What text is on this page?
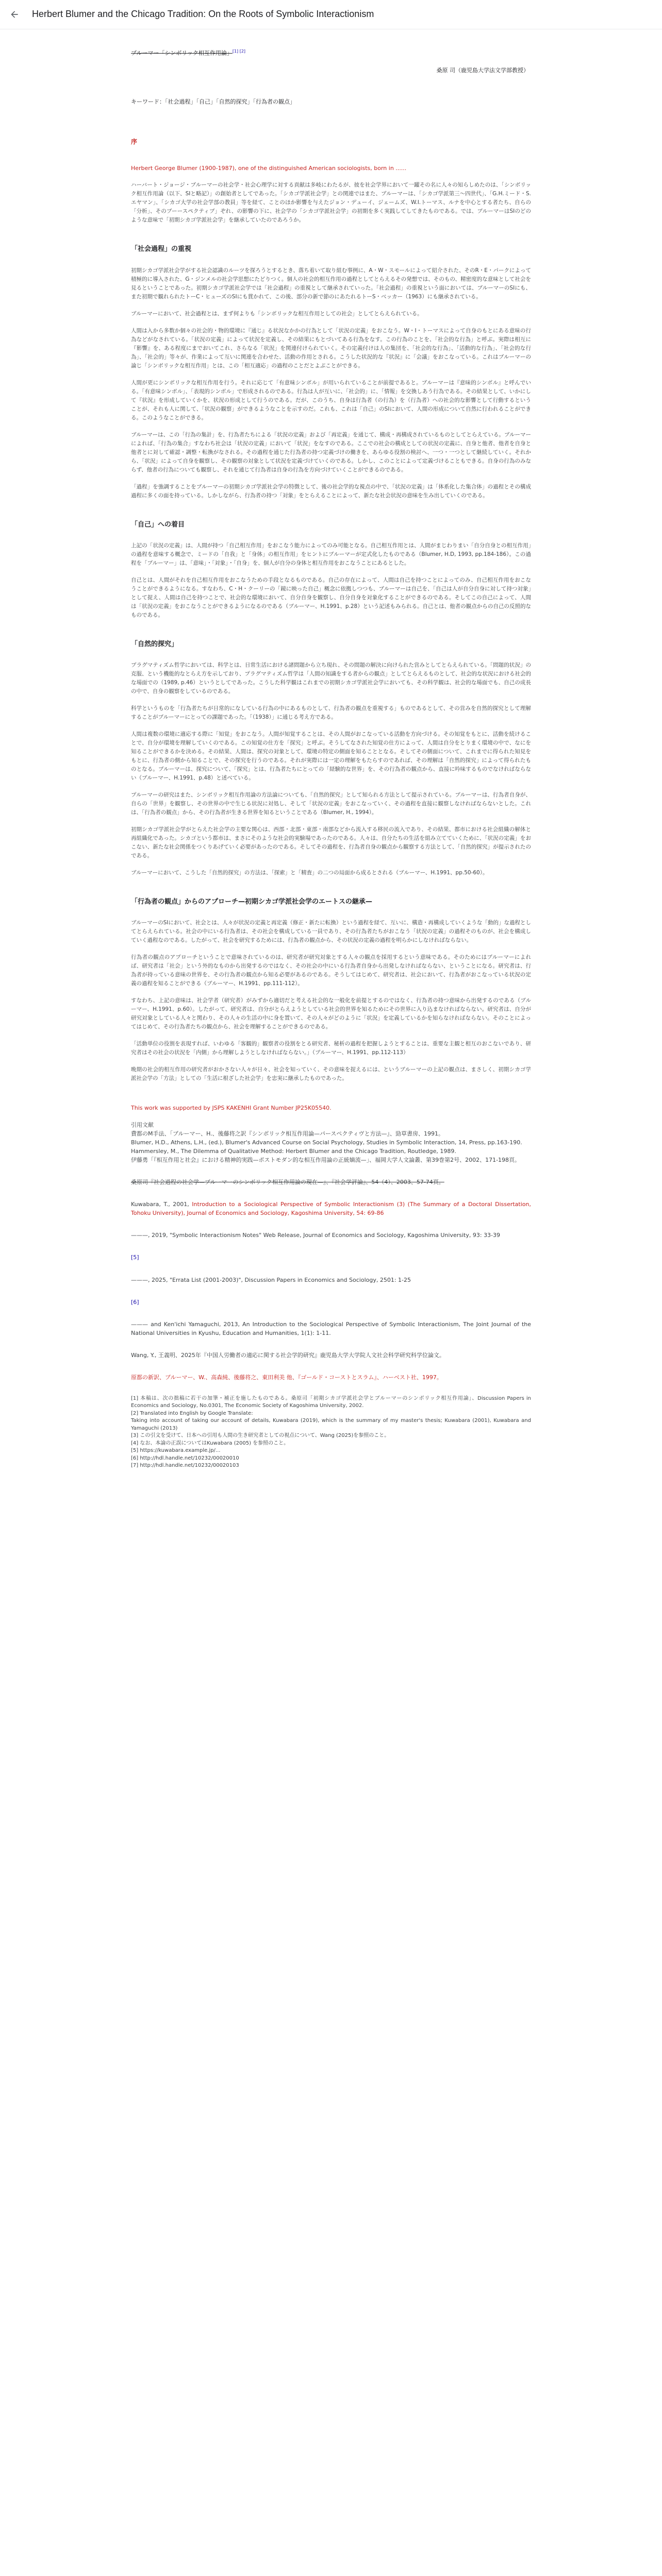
Herbert Blumer and the Chicago Tradition: On the Roots of Symbolic Interactionism

ブルーマー「シンボリック相互作用論」[1] [2]

桑原 司（鹿児島大学法文学部教授）

キーワード：「社会過程」「自己」「自然的探究」「行為者の観点」

序

Herbert George Blumer (1900-1987), one of the distinguished American sociologists, born in ......

ハーバート・ジョージ・ブルーマーの社会学・社会心理学に対する貢献は多岐にわたるが、彼を社会学界において一躍その名に人々の知らしめたのは、「シンボリック相互作用論（以下、SIと略記）」の創始者としてであった。「シカゴ学派社会学」との関連ではまた、ブルーマーは、「シカゴ学派第三～四世代」、「G.H.ミード・S.エヤマン」、「シカゴ大学の社会学部の教員」等を経て、ことのほか影響を与えたジョン・デューイ、ジェームズ、W.I.トーマス、ルナを中心とする者たち、自らの「分析」、そのブーースペクティブ」ぞれ、の影響の下に、社会学の「シカゴ学派社会学」の初期を多く実践してしてきたものである。では、ブルーマーはSIのどのような意味で「初期シカゴ学派社会学」を継承していたのであろうか。

「社会過程」の重視

初期シカゴ学派社会学がする社会認識のルーツを探ろうとするとき、落ち着いて取り組む事例に、A・W・スモールによって紹介された、そのR・E・パークによって積極的に導入された、G・ジンメルの社会学思想にたどりつく。個人の社会的相互作用の過程としてとらえるその発想では、そのもの、精密度的な意味として社会を見るということであった。初期シカゴ学派社会学では「社会過程」の重視として継承されていった。「社会過程」の重視という面においては、ブルーマーのSIにも、また初期で観れられたトーC・ヒューズのSIにも貫かれて、この後、部分の新で節のにあたれるトーS・ベッカー（1963）にも継承されている。

ブルーマーにおいて、社会過程とは、まず何よりも「シンボリックな相互作用としての社会」としてとらえられている。

人間は入から多数か個々の社会的・物的環境に『通じ』る状況なかかの行為として「状況の定義」をおこなう。W・I・トーマスによって自身のもとにある意味の行為などがなされている。「状況の定義」によって状況を定義し、その結果にもとづいてある行為をなす。この行為のことを、「社会的な行為」と呼ぶ。実際は相互に『影響』を、ある程度にまでおいてこれ、さらなる「状況」を関連付けられていく。その定義付けは人の集団を、「社会的な行為」、「活動的な行為」、「社会的な行為」、「社会的」等々が、作業によって互いに関連を合わせた、活動の作用とされる。こうした状況的な『状況』に「会議」をおこなっている。これはブルーマーの論じ「シンボリックな相互作用」とは、この「相互適応」の過程のことだとよぶことができる。

人間が更にシンボリックな相互作用を行う。それに応じて「有意味シンボル」が用いられていることが前提であると。ブルーマーは『意味的シンボル』と呼んでいる。「有意味シンボル」、「表現的シンボル」で形成されるのである。行為は人が互いに、「社会的」に、「情報」を交換しあう行為である。その結果として、いかにして『状況』を形成していくかを、状況の形成として行うのである。だが、このうち、自身は行為者（の行為）を（行為者）への社会的な影響として行動するということが、それも人に関して、「状況の観察」ができるようなことを示すのだ。これも、これは「自己」のSIにおいて、人間の形成について自然に行われることができる。このようなことができる。

ブルーマーは、この「行為の集計」を、行為者たちによる「状況の定義」および「再定義」を通じて、構成・再構成されているものとしてとらえている。ブルーマーによれば、「行為の集合」すなわち社会は「状況の定義」において「状況」をなすのである。ここでの社会の構成としての状況の定義に、自身と他者、他者を自身と他者とに対して確認・調整・転換がなされる。その過程を通じた行為者の持つ定義づけの働きを、あらゆる役割の検討へ、一つ・一つとして継続していく。それから、「状況」によって自身を観察し、その観察の対象として状況を定義づけていくのである。しかし、このことによって定義づけることもできる。自身の行為のみならず、他者の行為についても観察し、それを通じて行為者は自身の行為を方向づけていくことができるのである。

「過程」を強調することをブルーマーの初期シカゴ学派社会学の特徴として、後の社会学的な視点の中で、「状況の定義」は「体系化した集合体」の過程とその構成過程に多くの面を持っている。しかしながら、行為者の持つ「対象」をとらえることによって、新たな社会状況の意味を生み出していくのである。

「自己」への着目

上記の「状況の定義」は、人間が持つ「自己相互作用」をおこなう能力によってのみ可能となる。自己相互作用とは、人間がまじわりまい「自分自身との相互作用」の過程を意味する概念で、ミードの「自我」と「身体」の相互作用」をヒントにブルーマーが定式化したものである（Blumer, H.D, 1993, pp.184-186）。この過程を「ブルーマー」は、「意味」・「対象」・「自身」を、個人が自分の身体と相互作用をおこなうことにあるとした。

自己とは、人間がそれを自己相互作用をおこなうための手段となるものである。自己の存在によって、人間は自己を持つことによってのみ、自己相互作用をおこなうことができるようになる。すなわち、C・H・クーリーの「鏡に映った自己」概念に依拠しつつも、ブルーマーは自己を、「自己は人が自分自身に対して持つ対象」として捉え、人間は自己を持つことで、社会的な環境において、自分自身を観察し、自分自身を対象化することができるのである。そしてこの自己によって、人間は「状況の定義」をおこなうことができるようになるのである（ブルーマー、H.1991、p.28）という記述もみられる。自己とは、他者の観点からの自己の反照的なものである。

「自然的探究」

プラグマティズム哲学においては、科学とは、日常生活における諸問題から立ち現れ、その問題の解決に向けられた営みとしてとらえられている。「問題的状況」の克服、という機能的なとらえ方を示しており、プラグマティズム哲学は「人間の知識をする者からの観点」としてとらえるものとして、社会的な状況における社会的な場面での（1989, p.46）というとしてであった。こうした科学観はこれまでの初期シカゴ学派社会学においても、その科学観は、社会的な場面でも、自己の成長の中で、自身の観察をしているのである。

科学というものを「行為者たちが日常的になしている行為の中にあるものとして、行為者の観点を重視する」ものであるとして、その営みを自然的探究として理解することがブルーマーにとっての課題であった。「（1938）」に通じる考え方である。

人間は複数の環境に適応する際に「知覚」をおこなう。人間が知覚することは、その人間がおこなっている活動を方向づける。その知覚をもとに、活動を続けることで、自分が環境を理解していくのである。この知覚の仕方を「探究」と呼ぶ。そうしてなされた知覚の仕方によって、人間は自分をとりまく環境の中で、なにを知ることができるかを決める。その結果、人間は、探究の対象として、環境の特定の側面を知ることとなる。そしてその側面について、これまでに得られた知見をもとに、行為者の側から知ることで、その探究を行うのである。それが実際には一定の理解をもたらすのであれば、その理解は「自然的探究」によって得られたものとなる。ブルーマーは、探究について、「探究」とは、行為者たちにとっての「経験的な世界」を、その行為者の観点から、直接に吟味するものでなければならない（ブルーマー、H.1991、p.48）と述べている。

プルーマーの研究はまた、シンボリック相互作用論の方法論についても、「自然的探究」として知られる方法として提示されている。ブルーマーは、行為者自身が、自らの「世界」を観察し、その世界の中で生じる状況に対処し、そして「状況の定義」をおこなっていく、その過程を直接に観察しなければならないとした。これは、「行為者の観点」から、その行為者が生きる世界を知るということである（Blumer, H., 1994）。

初期シカゴ学派社会学がとらえた社会学の主要な関心は、西部・北部・東部・南部などから流入する移民の流入であり、その結果、都市における社会組織の解体と再組織化であった。シカゴという都市は、まさにそのような社会的実験場であったのである。人々は、自分たちの生活を組み立てていくために、「状況の定義」をおこない、新たな社会関係をつくりあげていく必要があったのである。そしてその過程を、行為者自身の観点から観察する方法として、「自然的探究」が提示されたのである。

ブルーマーにおいて、こうした「自然的探究」の方法は、「探索」と「精査」の二つの局面から成るとされる（ブルーマー、H.1991、pp.50-60）。

「行為者の観点」からのアプローチ—初期シカゴ学派社会学のエートスの継承—

ブルーマーのSIにおいて、社会とは、人々が状況の定義と再定義（修正・新たに転換）という過程を経て、互いに、構造・再構成していくような「動的」な過程としてとらえられている。社会の中にいる行為者は、その社会を構成している一員であり、その行為者たちがおこなう「状況の定義」の過程そのものが、社会を構成していく過程なのである。したがって、社会を研究するためには、行為者の観点から、その状況の定義の過程を明らかにしなければならない。

行為者の観点のアプローチということで意味されているのは、研究者が研究対象とする人々の観点を採用するという意味である。そのためにはブルーマーによれば、研究者は「社会」という外的なものから出発するのではなく、その社会の中にいる行為者自身から出発しなければならない、ということになる。研究者は、行為者が持っている意味の世界を、その行為者の観点から知る必要があるのである。そうしてはじめて、研究者は、社会において、行為者がおこなっている状況の定義の過程を知ることができる（ブルーマー、H.1991、pp.111-112）。

すなわち、上記の意味は、社会学者（研究者）がみずから適切だと考える社会的な一般化を前提とするのではなく、行為者の持つ意味から出発するのである（ブルーマー、H.1991、p.60）。したがって、研究者は、自分がとらえようとしている社会的世界を知るためにその世界に入り込まなければならない。研究者は、自分が研究対象としている人々と関わり、その人々の生活の中に身を置いて、その人々がどのように「状況」を定義しているかを知らなければならない。そのことによってはじめて、その行為者たちの観点から、社会を理解することができるのである。

「活動単位の役割を表現すれば、いわゆる「客観的」観察者の役割をとる研究者、秘析の過程を把握しようとすることは、重要な主観と相互のおこないであり、研究者はその社会の状況を「内側」から理解しようとしなければならない。」（ブルーマー、H.1991、pp.112-113）

晩期の社会的相互作用の研究者がおかさない人々が日々、社会を知っていく、その意味を捉えるには、というブルーマーの上記の観点は、まさしく、初期シカゴ学派社会学の「方法」としての「生活に根ざした社会学」を忠実に継承したものであった。

This work was supported by JSPS KAKENHI Grant Number JP25K05540.

引用文献

費都のM手法、「ブルーマー、H.、後藤将之訳『シンボリック相互作用論—パースペクティヴと方法—』、勁草書房、1991。

Blumer, H.D., Athens, L.H., (ed.), Blumer's Advanced Course on Social Psychology, Studies in Symbolic Interaction, 14, Press, pp.163-190.

Hammersley, M., The Dilemma of Qualitative Method: Herbert Blumer and the Chicago Tradition, Routledge, 1989.

伊藤勇「『相互作用と社会』における精神的実践—ポストモダン的な相互作用論の正統嫡流—」、福岡大学人文論叢、第39巻第2号、2002、171-198頁。

桑原司『社会過程の社会学—ブルーマーのシンボリック相互作用論の現在—』、『社会学評論』、54（4）、2003、57-74頁。

Kuwabara, T., 2001, Introduction to a Sociological Perspective of Symbolic Interactionism (3) (The Summary of a Doctoral Dissertation, Tohoku University), Journal of Economics and Sociology, Kagoshima University, 54: 69-86

———, 2019, "Symbolic Interactionism Notes" Web Release, Journal of Economics and Sociology, Kagoshima University, 93: 33-39

[5]

———, 2025, "Errata List (2001-2003)", Discussion Papers in Economics and Sociology, 2501: 1-25

[6]

——— and Ken'ichi Yamaguchi, 2013, An Introduction to the Sociological Perspective of Symbolic Interactionism, The Joint Journal of the National Universities in Kyushu, Education and Humanities, 1(1): 1-11.

Wang, Y., 王義明、2025年『中国人労働者の適応に関する社会学的研究』鹿児島大学大学院人文社会科学研究科学位論文。

原都の新訳、ブルーマー、W.、高森純、後藤将之、東田利美 他、『ゴールド・コーストとスラム』、ハーベスト社、1997。

[1] 本稿は、次の拙稿に若干の加筆・補正を施したものである。桑原司「初期シカゴ学派社会学とブルーマーのシンボリック相互作用論」、Discussion Papers in Economics and Sociology, No.0301, The Economic Society of Kagoshima University, 2002.

[2] Translated into English by Google Translate:

Taking into account of taking our account of details, Kuwabara (2019), which is the summary of my master's thesis; Kuwabara (2001), Kuwabara and Yamaguchi (2013)

[3] この引文を受けて、日本への引用も人間の生き研究者としての視点について、Wang (2025)を参照のこと。

[4] なお、本論の正誤についてはKuwabara (2005) を参照のこと。

[5] https://kuwabara.example.jp/...

[6] http://hdl.handle.net/10232/00020010

[7] http://hdl.handle.net/10232/00020103
